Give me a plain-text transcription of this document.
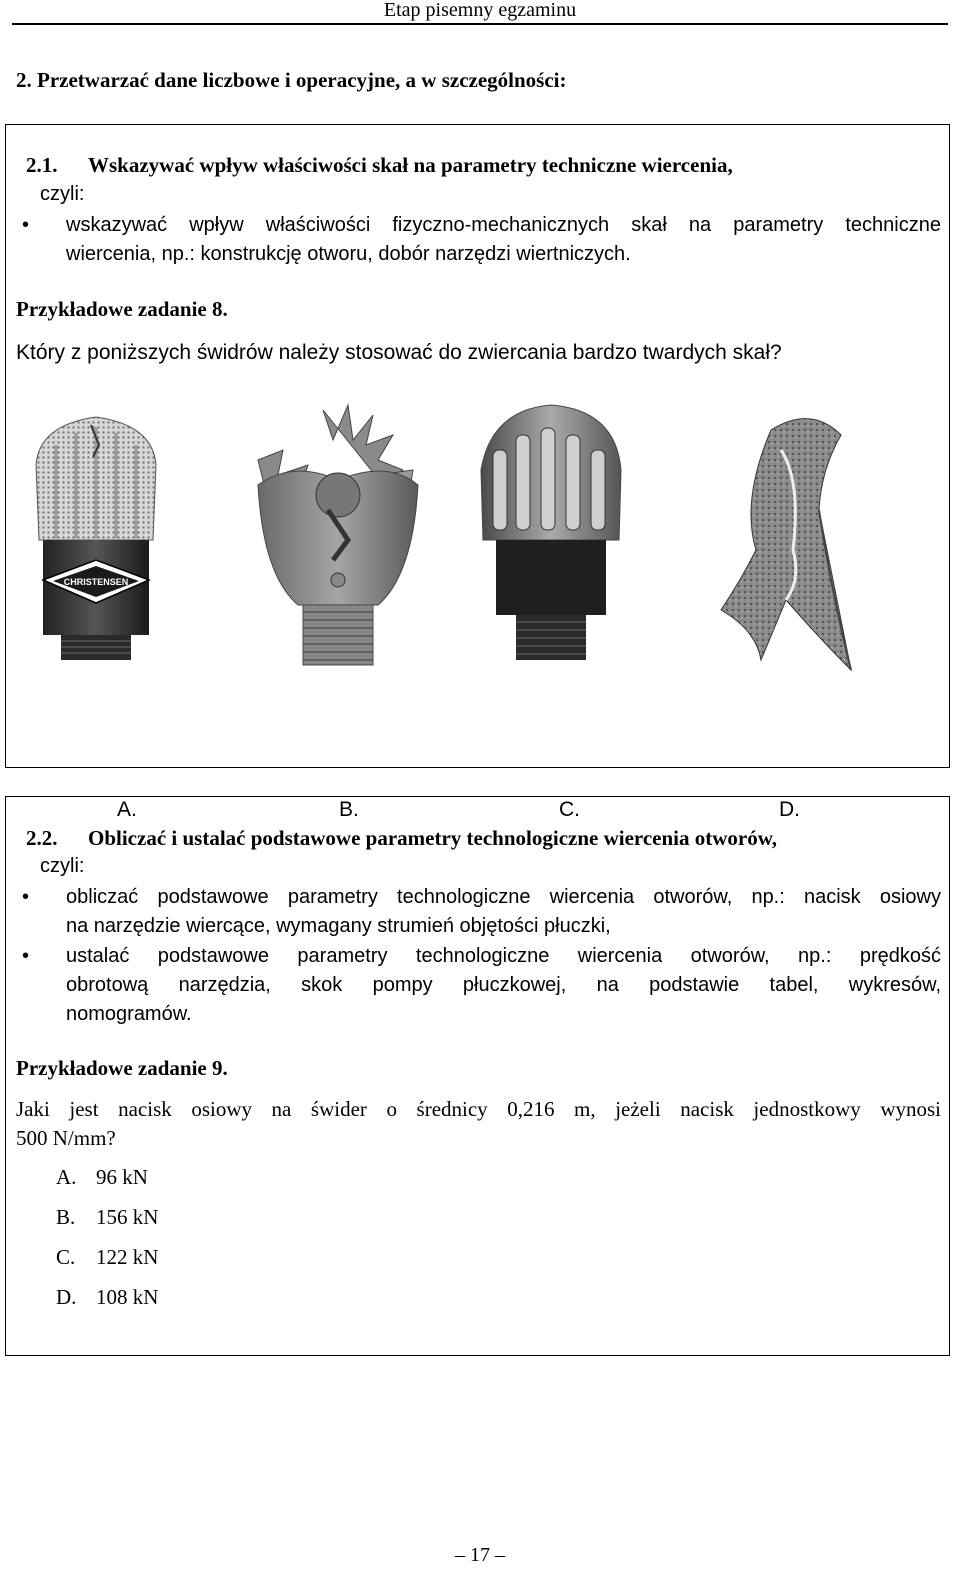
Etap pisemny egzaminu
2. Przetwarzać dane liczbowe i operacyjne, a w szczególności:
2.1. Wskazywać wpływ właściwości skał na parametry techniczne wiercenia,
czyli:
• wskazywać wpływ właściwości fizyczno-mechanicznych skał na parametry techniczne
wiercenia, np.: konstrukcję otworu, dobór narzędzi wiertniczych.
Przykładowe zadanie 8.
Który z poniższych świdrów należy stosować do zwiercania bardzo twardych skał?
CHRISTENSEN
A.	B.	C.	D.
2.2. Obliczać i ustalać podstawowe parametry technologiczne wiercenia otworów,
czyli:
• obliczać podstawowe parametry technologiczne wiercenia otworów, np.: nacisk osiowy
na narzędzie wiercące, wymagany strumień objętości płuczki,
• ustalać podstawowe parametry technologiczne wiercenia otworów, np.: prędkość
obrotową narzędzia, skok pompy płuczkowej, na podstawie tabel, wykresów,
nomogramów.
Przykładowe zadanie 9.
Jaki jest nacisk osiowy na świder o średnicy 0,216 m, jeżeli nacisk jednostkowy wynosi
500 N/mm?
A. 96 kN
B. 156 kN
C. 122 kN
D. 108 kN
– 17 –
